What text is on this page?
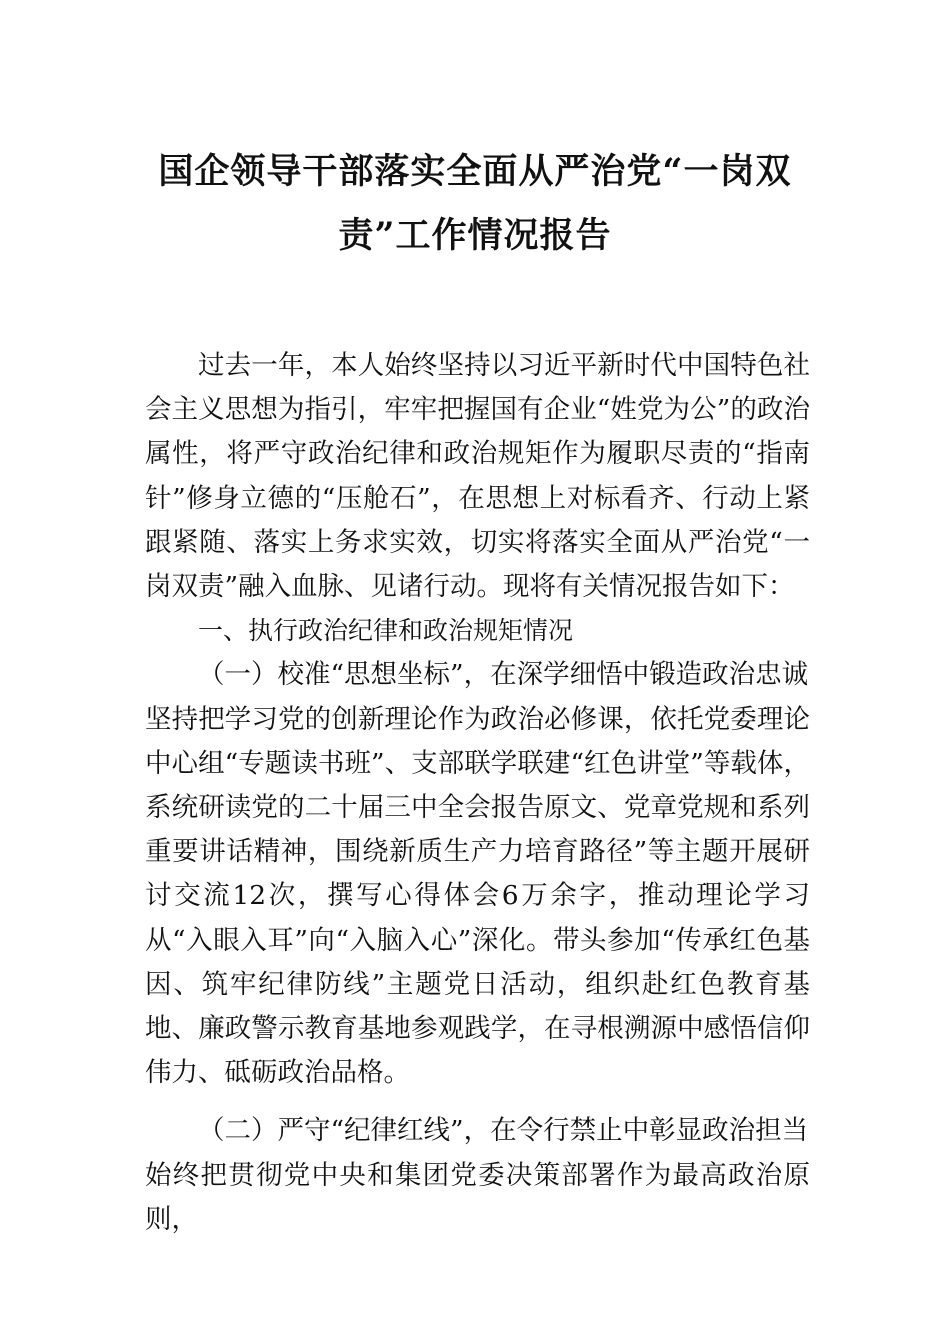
国企领导干部落实全面从严治党“一岗双
责”工作情况报告

过去一年，本人始终坚持以习近平新时代中国特色社会主义思想为指引，牢牢把握国有企业“姓党为公”的政治属性，将严守政治纪律和政治规矩作为履职尽责的“指南针”修身立德的“压舱石”，在思想上对标看齐、行动上紧跟紧随、落实上务求实效，切实将落实全面从严治党“一岗双责”融入血脉、见诸行动。现将有关情况报告如下：

一、执行政治纪律和政治规矩情况

（一）校准“思想坐标”，在深学细悟中锻造政治忠诚

坚持把学习党的创新理论作为政治必修课，依托党委理论中心组“专题读书班”、支部联学联建“红色讲堂”等载体，系统研读党的二十届三中全会报告原文、党章党规和系列重要讲话精神，围绕新质生产力培育路径”等主题开展研讨交流12次，撰写心得体会6万余字，推动理论学习从“入眼入耳”向“入脑入心”深化。带头参加“传承红色基因、筑牢纪律防线”主题党日活动，组织赴红色教育基地、廉政警示教育基地参观践学，在寻根溯源中感悟信仰伟力、砥砺政治品格。

（二）严守“纪律红线”，在令行禁止中彰显政治担当

始终把贯彻党中央和集团党委决策部署作为最高政治原则，
